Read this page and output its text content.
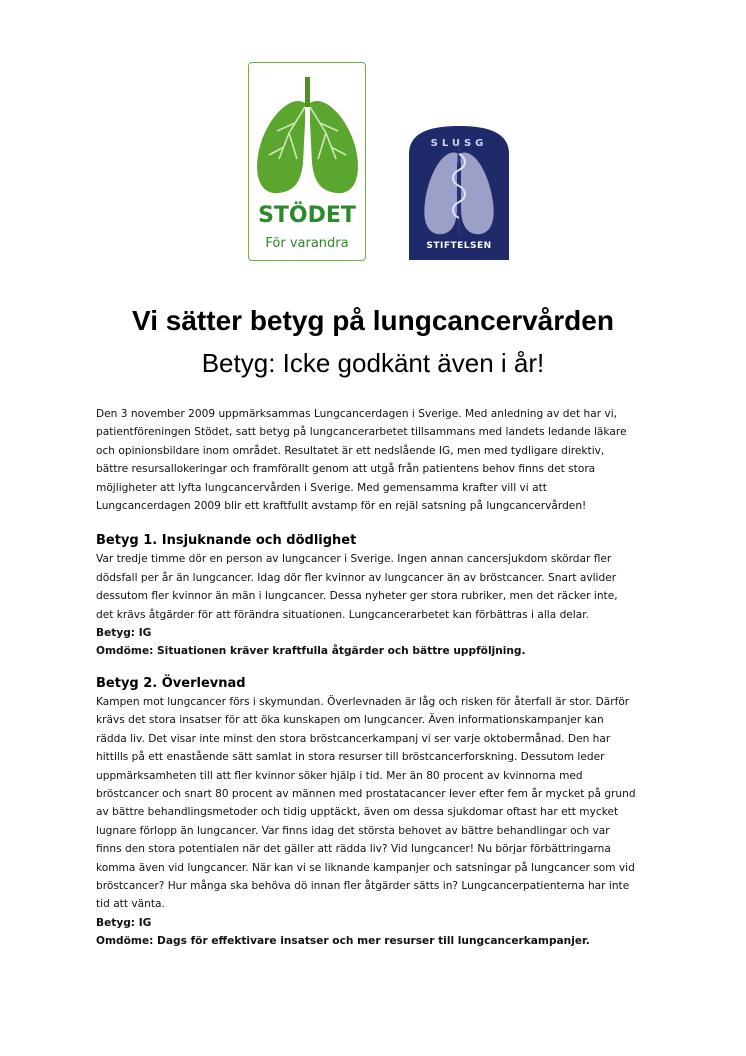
STÖDET
För varandra
SLUSG
STIFTELSEN
Vi sätter betyg på lungcancervården
Betyg: Icke godkänt även i år!

Den 3 november 2009 uppmärksammas Lungcancerdagen i Sverige. Med anledning av det har vi,
patientföreningen Stödet, satt betyg på lungcancerarbetet tillsammans med landets ledande läkare
och opinionsbildare inom området. Resultatet är ett nedslående IG, men med tydligare direktiv,
bättre resursallokeringar och framförallt genom att utgå från patientens behov finns det stora
möjligheter att lyfta lungcancervården i Sverige. Med gemensamma krafter vill vi att
Lungcancerdagen 2009 blir ett kraftfullt avstamp för en rejäl satsning på lungcancervården!

Betyg 1. Insjuknande och dödlighet

Var tredje timme dör en person av lungcancer i Sverige. Ingen annan cancersjukdom skördar fler
dödsfall per år än lungcancer. Idag dör fler kvinnor av lungcancer än av bröstcancer. Snart avlider
dessutom fler kvinnor än män i lungcancer. Dessa nyheter ger stora rubriker, men det räcker inte,
det krävs åtgärder för att förändra situationen. Lungcancerarbetet kan förbättras i alla delar.

Betyg: IG

Omdöme: Situationen kräver kraftfulla åtgärder och bättre uppföljning.

Betyg 2. Överlevnad

Kampen mot lungcancer förs i skymundan. Överlevnaden är låg och risken för återfall är stor. Därför
krävs det stora insatser för att öka kunskapen om lungcancer. Även informationskampanjer kan
rädda liv. Det visar inte minst den stora bröstcancerkampanj vi ser varje oktobermånad. Den har
hittills på ett enastående sätt samlat in stora resurser till bröstcancerforskning. Dessutom leder
uppmärksamheten till att fler kvinnor söker hjälp i tid. Mer än 80 procent av kvinnorna med
bröstcancer och snart 80 procent av männen med prostatacancer lever efter fem år mycket på grund
av bättre behandlingsmetoder och tidig upptäckt, även om dessa sjukdomar oftast har ett mycket
lugnare förlopp än lungcancer. Var finns idag det största behovet av bättre behandlingar och var
finns den stora potentialen när det gäller att rädda liv? Vid lungcancer! Nu börjar förbättringarna
komma även vid lungcancer. När kan vi se liknande kampanjer och satsningar på lungcancer som vid
bröstcancer? Hur många ska behöva dö innan fler åtgärder sätts in? Lungcancerpatienterna har inte
tid att vänta.

Betyg: IG

Omdöme: Dags för effektivare insatser och mer resurser till lungcancerkampanjer.
